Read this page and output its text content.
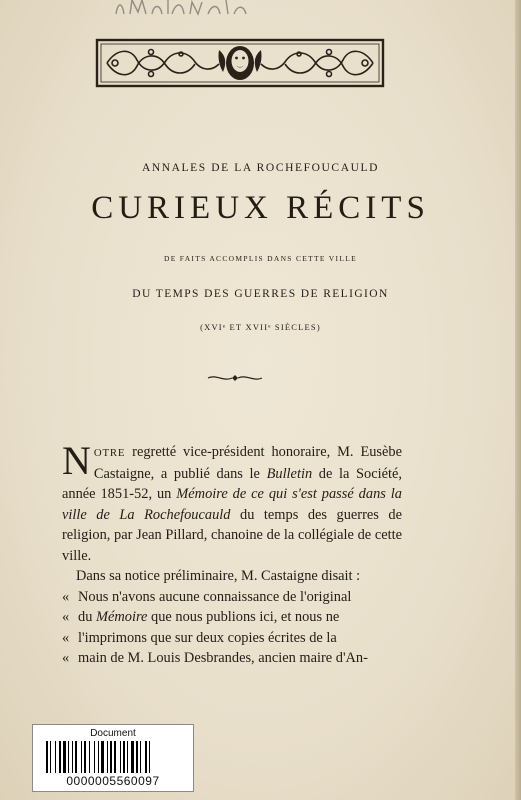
ANNALES DE LA ROCHEFOUCAULD
CURIEUX RÉCITS
DE FAITS ACCOMPLIS DANS CETTE VILLE
DU TEMPS DES GUERRES DE RELIGION
(XVIᵉ ET XVIIᵉ SIÈCLES)

NOTRE regretté vice-président honoraire, M. Eusèbe Castaigne, a publié dans le Bulletin de la Société, année 1851-52, un Mémoire de ce qui s'est passé dans la ville de La Rochefoucauld du temps des guerres de religion, par Jean Pillard, chanoine de la collégiale de cette ville.

Dans sa notice préliminaire, M. Castaigne disait :

« Nous n'avons aucune connaissance de l'original
« du Mémoire que nous publions ici, et nous ne
« l'imprimons que sur deux copies écrites de la
« main de M. Louis Desbrandes, ancien maire d'An-
Document
0000005560097
